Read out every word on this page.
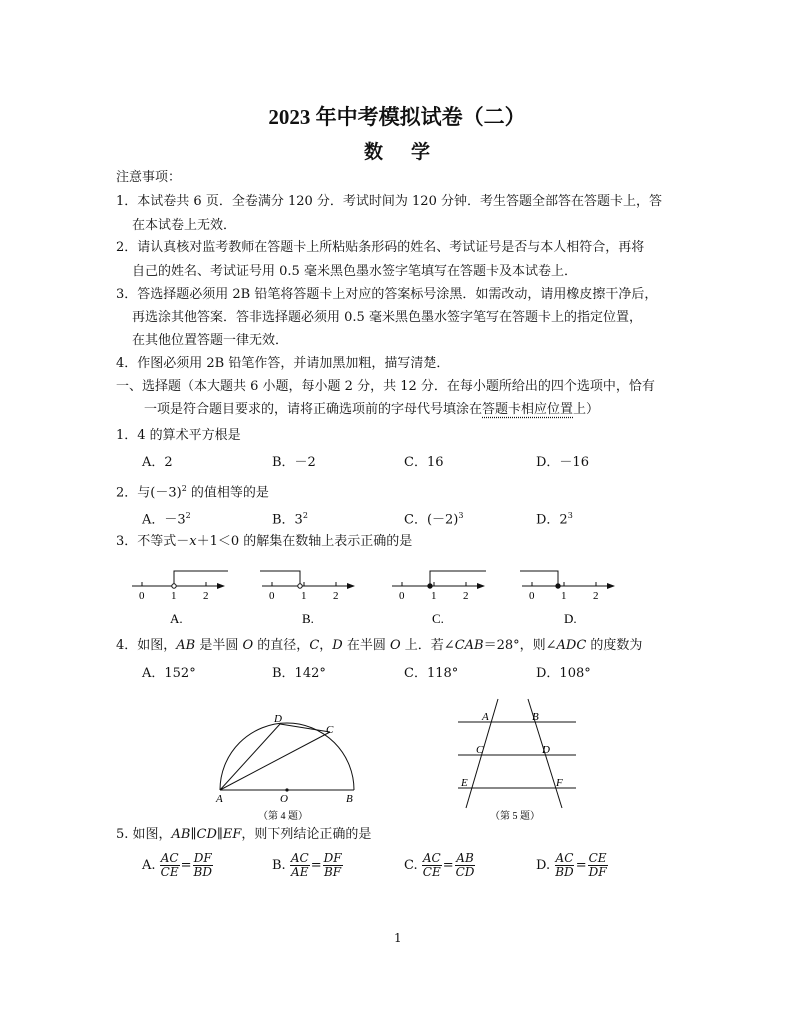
2023 年中考模拟试卷（二）
数学
注意事项：
1．本试卷共 6 页．全卷满分 120 分．考试时间为 120 分钟．考生答题全部答在答题卡上，答
在本试卷上无效．
2．请认真核对监考教师在答题卡上所粘贴条形码的姓名、考试证号是否与本人相符合，再将
自己的姓名、考试证号用 0.5 毫米黑色墨水签字笔填写在答题卡及本试卷上．
3．答选择题必须用 2B 铅笔将答题卡上对应的答案标号涂黑．如需改动，请用橡皮擦干净后，
再选涂其他答案．答非选择题必须用 0.5 毫米黑色墨水签字笔写在答题卡上的指定位置，
在其他位置答题一律无效．
4．作图必须用 2B 铅笔作答，并请加黑加粗，描写清楚．
一、选择题（本大题共 6 小题，每小题 2 分，共 12 分．在每小题所给出的四个选项中，恰有
一项是符合题目要求的，请将正确选项前的字母代号填涂在答题卡相应位置上）
1．4 的算术平方根是
A．2	B．－2	C．16	D．－16
2．与$(-3)^2$ 的值相等的是
A．$-3^2$	B．$3^2$	C．$(-2)^3$	D．$2^3$
3．不等式－x＋1＜0 的解集在数轴上表示正确的是
0 1 2
A.
0 1 2
B.
0 1 2
C.
0 1 2
D.
4．如图，AB 是半圆 O 的直径，C，D 在半圆 O 上．若∠CAB＝28°，则∠ADC 的度数为
A．152°	B．142°	C．118°	D．108°
D
C
A	O	B
（第 4 题）
A	B
C	D
E	F
（第 5 题）
5. 如图，AB∥CD∥EF，则下列结论正确的是
A. $\frac{AC}{CE} = \frac{DF}{BD}$	B. $\frac{AC}{AE} = \frac{DF}{BF}$	C. $\frac{AC}{CE} = \frac{AB}{CD}$	D. $\frac{AC}{BD} = \frac{CE}{DF}$
1
